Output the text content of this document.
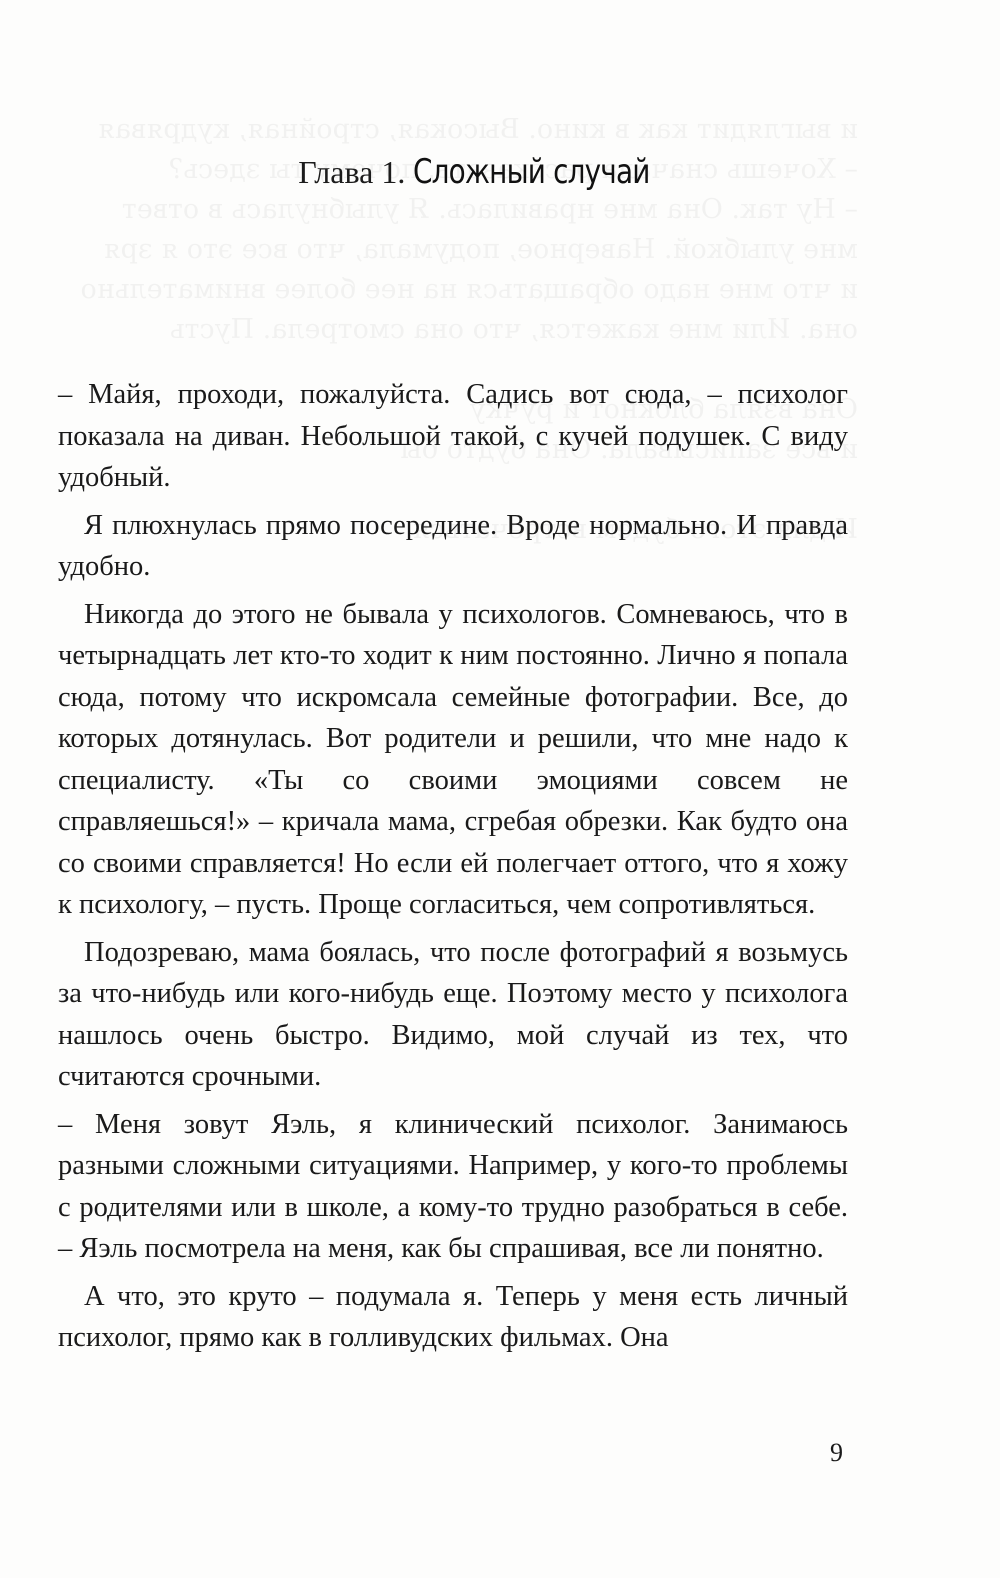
Глава 1. Сложный случай

– Майя, проходи, пожалуйста. Садись вот сюда, – психолог показала на диван. Небольшой такой, с кучей подушек. С виду удобный.

Я плюхнулась прямо посередине. Вроде нормально. И правда удобно.

Никогда до этого не бывала у психологов. Сомневаюсь, что в четырнадцать лет кто-то ходит к ним постоянно. Лично я попала сюда, потому что искромсала семейные фотографии. Все, до которых дотянулась. Вот родители и решили, что мне надо к специалисту. «Ты со своими эмоциями совсем не справляешься!» – кричала мама, сгребая обрезки. Как будто она со своими справляется! Но если ей полегчает оттого, что я хожу к психологу, – пусть. Проще согласиться, чем сопротивляться.

Подозреваю, мама боялась, что после фотографий я возьмусь за что-нибудь или кого-нибудь еще. Поэтому место у психолога нашлось очень быстро. Видимо, мой случай из тех, что считаются срочными.

– Меня зовут Яэль, я клинический психолог. Занимаюсь разными сложными ситуациями. Например, у кого-то проблемы с родителями или в школе, а кому-то трудно разобраться в себе. – Яэль посмотрела на меня, как бы спрашивая, все ли понятно.

А что, это круто – подумала я. Теперь у меня есть личный психолог, прямо как в голливудских фильмах. Она

9
